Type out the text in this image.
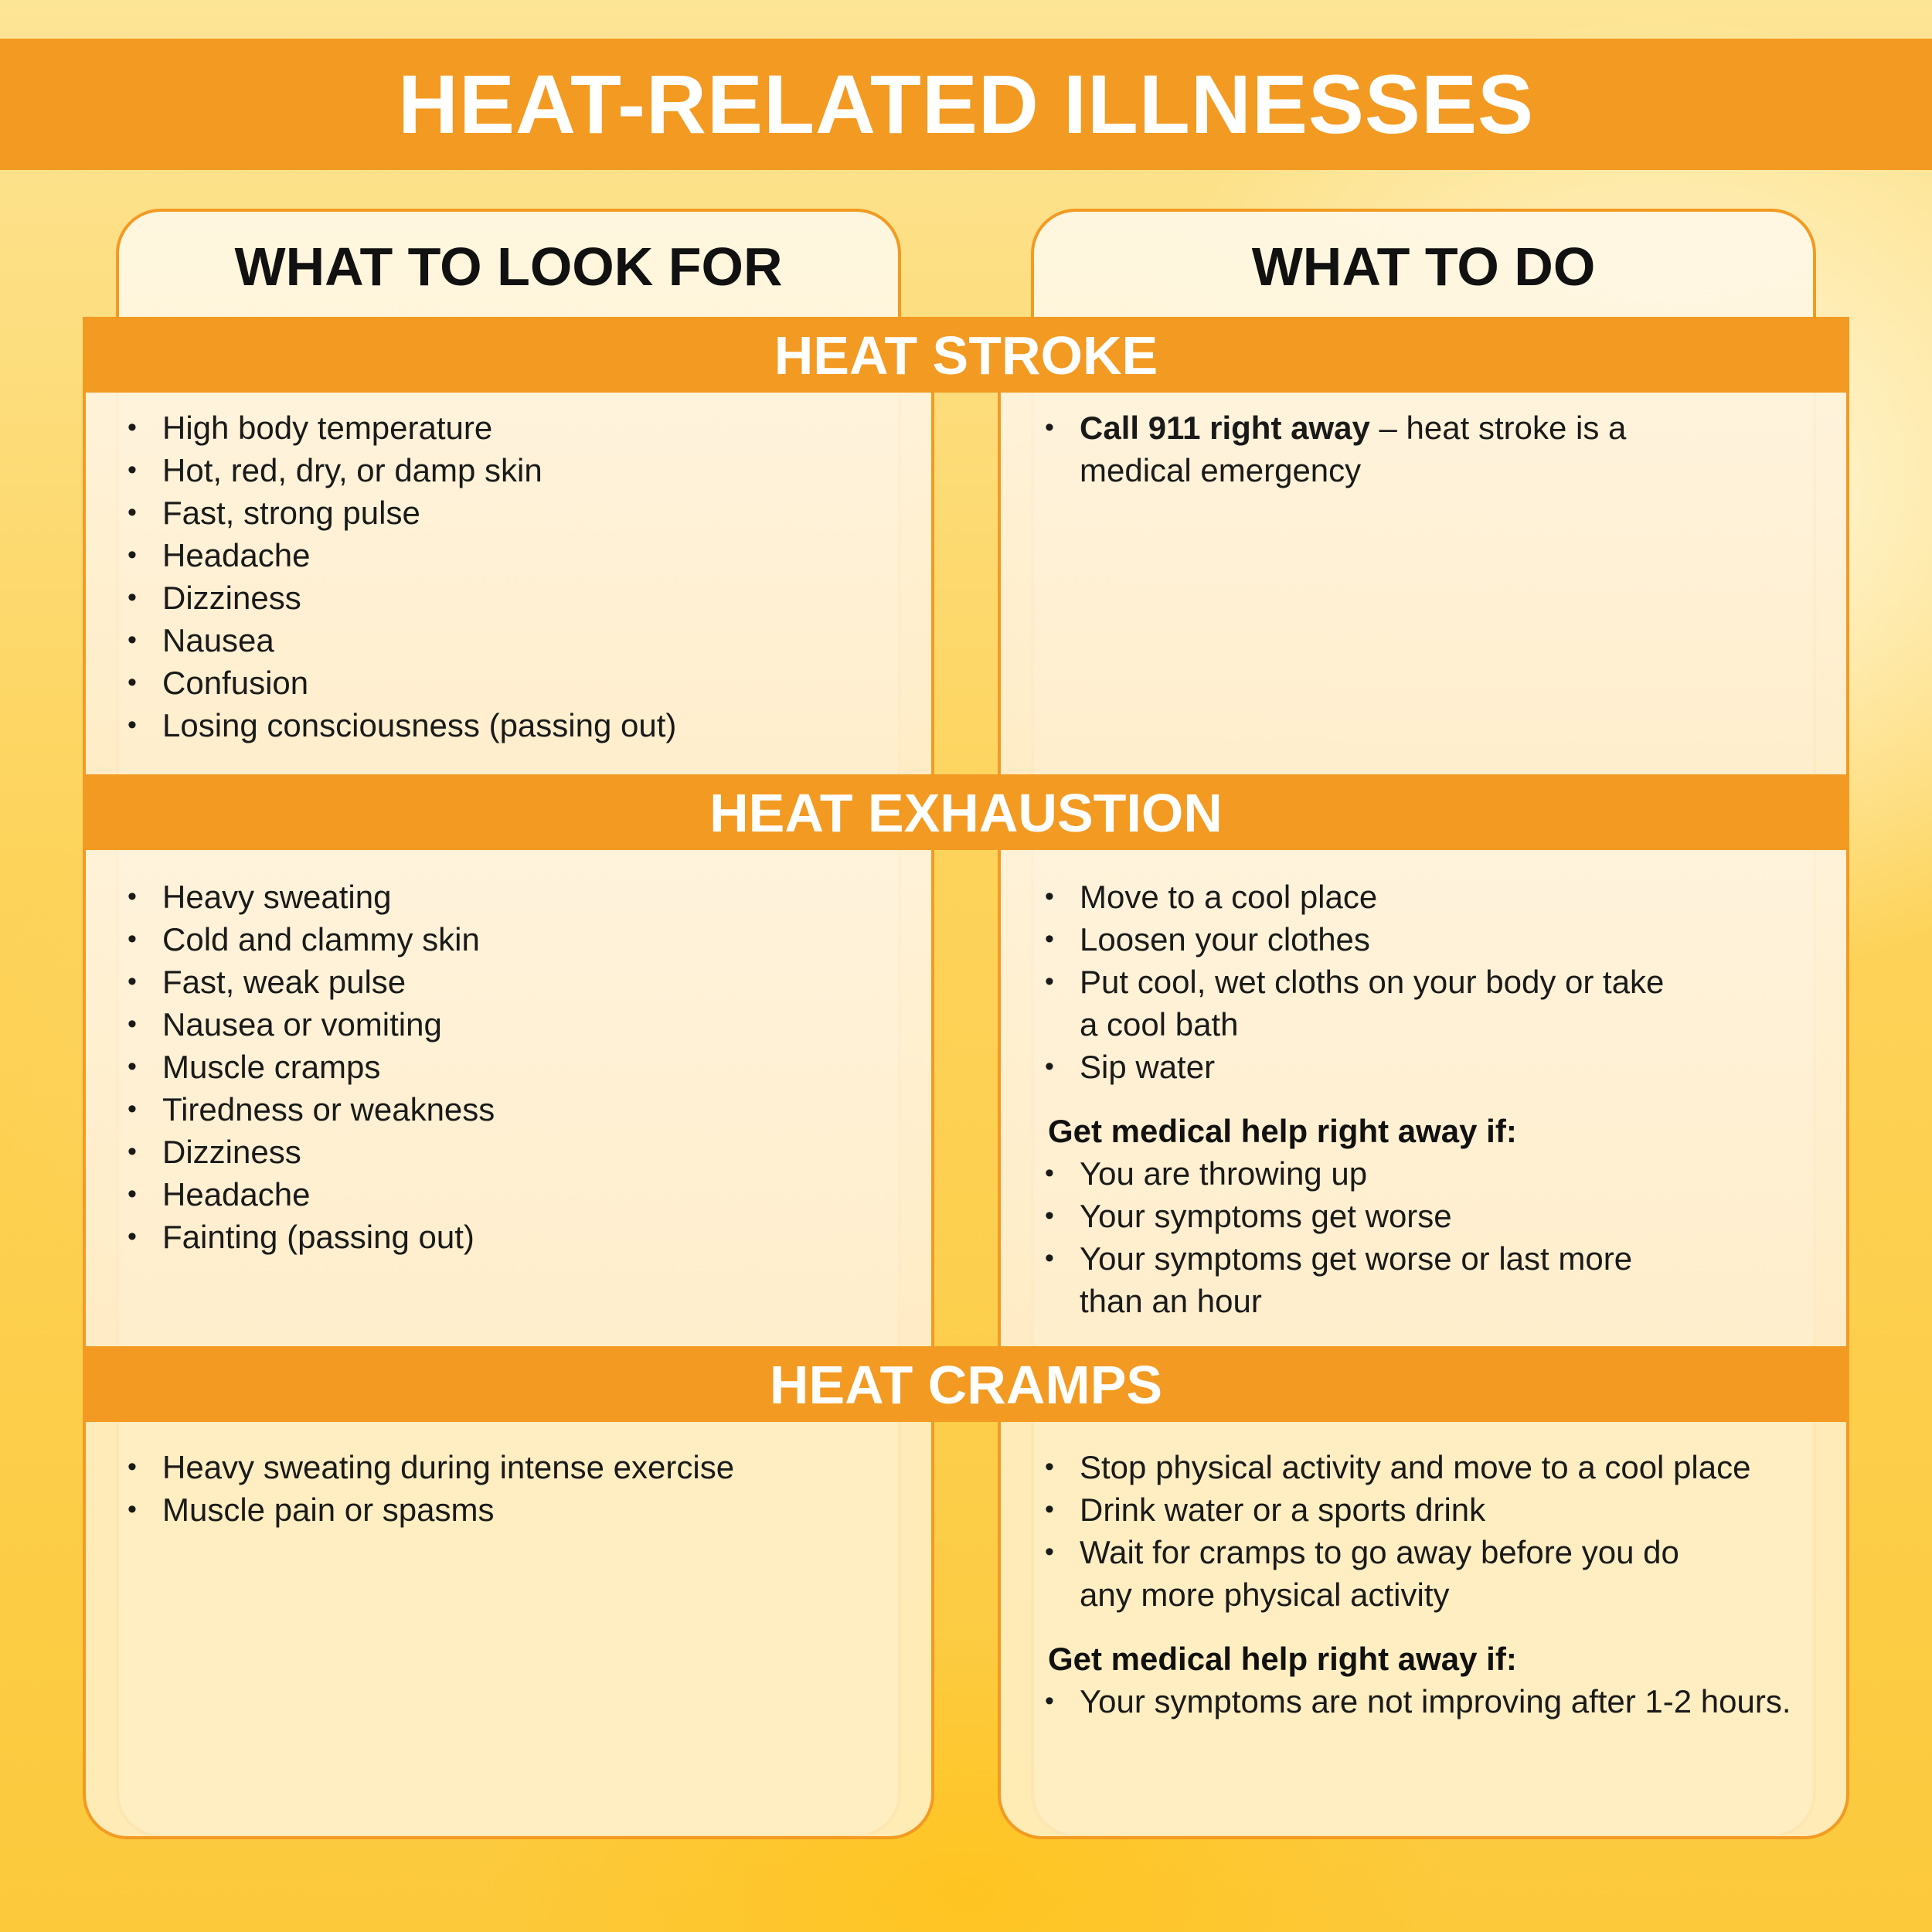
HEAT-RELATED ILLNESSES
WHAT TO LOOK FOR	WHAT TO DO
HEAT STROKE
HEAT EXHAUSTION
HEAT CRAMPS
• High body temperature
• Hot, red, dry, or damp skin
• Fast, strong pulse
• Headache
• Dizziness
• Nausea
• Confusion
• Losing consciousness (passing out)
• Call 911 right away – heat stroke is a medical emergency
• Heavy sweating
• Cold and clammy skin
• Fast, weak pulse
• Nausea or vomiting
• Muscle cramps
• Tiredness or weakness
• Dizziness
• Headache
• Fainting (passing out)
• Move to a cool place
• Loosen your clothes
• Put cool, wet cloths on your body or take a cool bath
• Sip water
Get medical help right away if:
• You are throwing up
• Your symptoms get worse
• Your symptoms get worse or last more than an hour
• Heavy sweating during intense exercise
• Muscle pain or spasms
• Stop physical activity and move to a cool place
• Drink water or a sports drink
• Wait for cramps to go away before you do any more physical activity
Get medical help right away if:
• Your symptoms are not improving after 1-2 hours.
